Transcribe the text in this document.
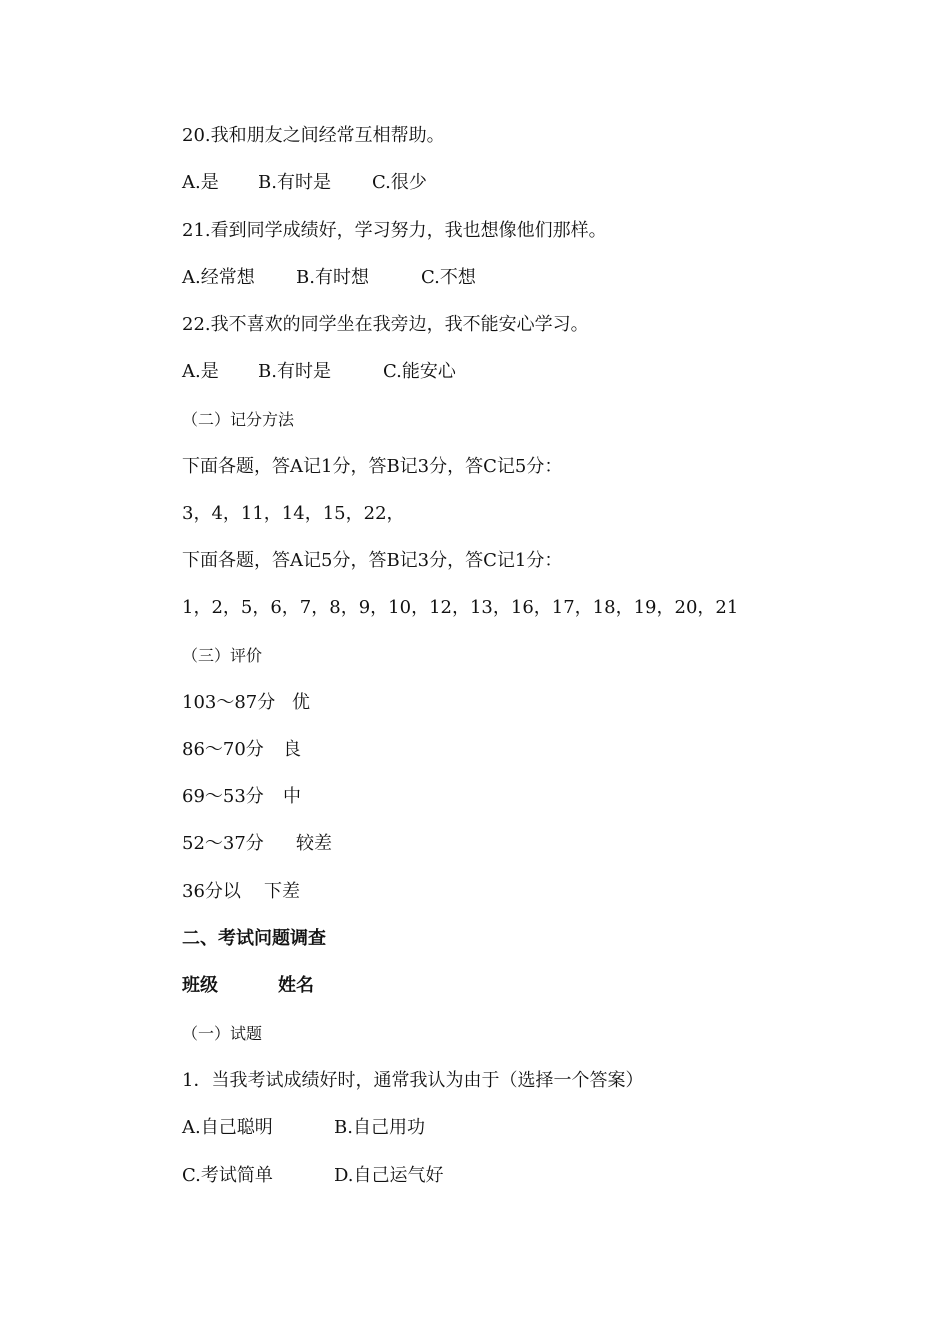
20.我和朋友之间经常互相帮助。
A.是 B.有时是 C.很少
21.看到同学成绩好，学习努力，我也想像他们那样。
A.经常想 B.有时想	C.不想
22.我不喜欢的同学坐在我旁边，我不能安心学习。
A.是 B.有时是	C.能安心
（二）记分方法
下面各题，答A记1分，答B记3分，答C记5分：
3，4，11，14，15，22，
下面各题，答A记5分，答B记3分，答C记1分：
1，2，5，6，7，8，9，10，12，13，16，17，18，19，20，21
（三）评价
103～87分 优
86～70分 良
69～53分 中
52～37分 较差
36分以 下差
二、考试问题调查
班级	姓名
（一）试题
1．当我考试成绩好时，通常我认为由于（选择一个答案）
A.自己聪明	B.自己用功
C.考试简单	D.自己运气好
